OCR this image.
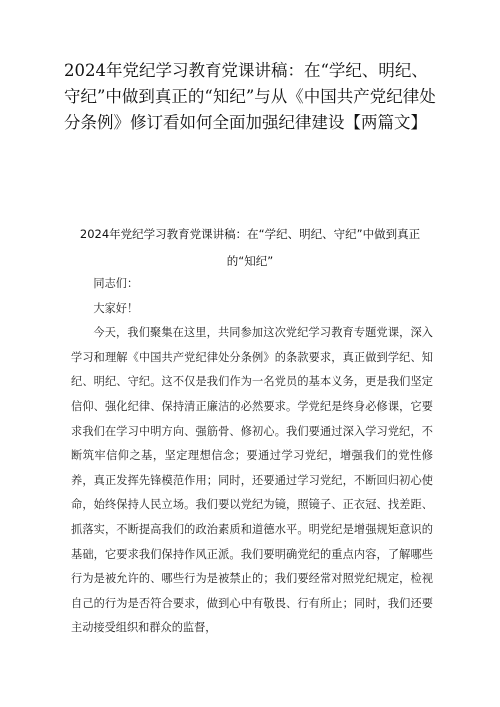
2024年党纪学习教育党课讲稿：在“学纪、明纪、守纪”中做到真正的“知纪”与从《中国共产党纪律处分条例》修订看如何全面加强纪律建设【两篇文】
2024年党纪学习教育党课讲稿：在“学纪、明纪、守纪”中做到真正的“知纪”

同志们：

大家好！

今天，我们聚集在这里，共同参加这次党纪学习教育专题党课，深入学习和理解《中国共产党纪律处分条例》的条款要求，真正做到学纪、知纪、明纪、守纪。这不仅是我们作为一名党员的基本义务，更是我们坚定信仰、强化纪律、保持清正廉洁的必然要求。学党纪是终身必修课，它要求我们在学习中明方向、强筋骨、修初心。我们要通过深入学习党纪，不断筑牢信仰之基，坚定理想信念；要通过学习党纪，增强我们的党性修养，真正发挥先锋模范作用；同时，还要通过学习党纪，不断回归初心使命，始终保持人民立场。我们要以党纪为镜，照镜子、正衣冠、找差距、抓落实，不断提高我们的政治素质和道德水平。明党纪是增强规矩意识的基础，它要求我们保持作风正派。我们要明确党纪的重点内容，了解哪些行为是被允许的、哪些行为是被禁止的；我们要经常对照党纪规定，检视自己的行为是否符合要求，做到心中有敬畏、行有所止；同时，我们还要主动接受组织和群众的监督，
